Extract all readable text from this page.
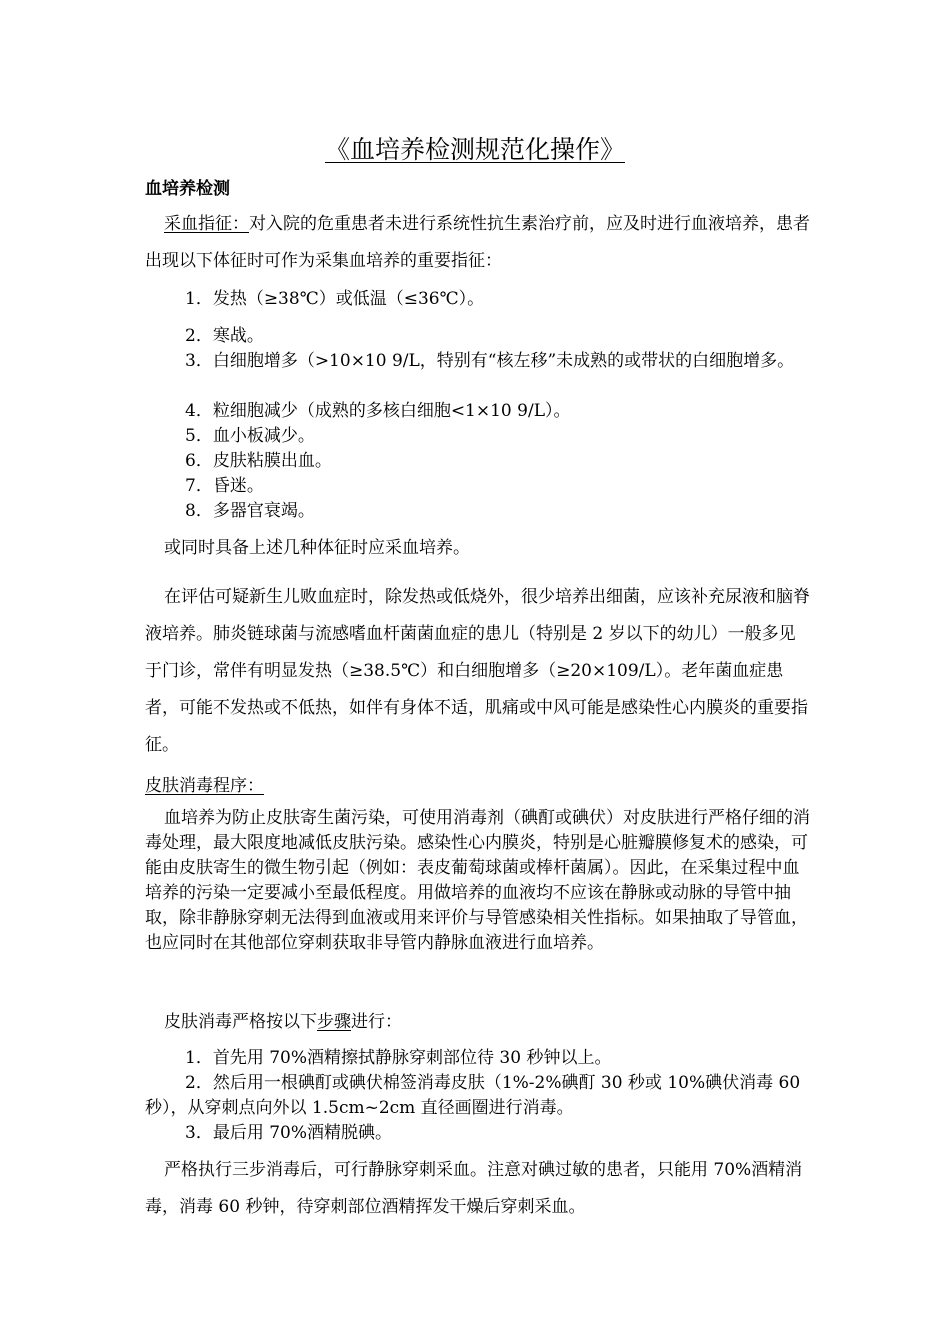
《血培养检测规范化操作》
血培养检测

采血指征：对入院的危重患者未进行系统性抗生素治疗前，应及时进行血液培养，患者出现以下体征时可作为采集血培养的重要指征：

1．发热（≥38℃）或低温（≤36℃）。

2．寒战。

3．白细胞增多（>10×10 9/L，特别有“核左移”未成熟的或带状的白细胞增多。

4．粒细胞减少（成熟的多核白细胞<1×10 9/L）。

5．血小板减少。

6．皮肤粘膜出血。

7．昏迷。

8．多器官衰竭。

或同时具备上述几种体征时应采血培养。

在评估可疑新生儿败血症时，除发热或低烧外，很少培养出细菌，应该补充尿液和脑脊液培养。肺炎链球菌与流感嗜血杆菌菌血症的患儿（特别是 2 岁以下的幼儿）一般多见于门诊，常伴有明显发热（≥38.5℃）和白细胞增多（≥20×109/L）。老年菌血症患者，可能不发热或不低热，如伴有身体不适，肌痛或中风可能是感染性心内膜炎的重要指征。

皮肤消毒程序：

血培养为防止皮肤寄生菌污染，可使用消毒剂（碘酊或碘伏）对皮肤进行严格仔细的消毒处理，最大限度地减低皮肤污染。感染性心内膜炎，特别是心脏瓣膜修复术的感染，可能由皮肤寄生的微生物引起（例如：表皮葡萄球菌或棒杆菌属）。因此，在采集过程中血培养的污染一定要减小至最低程度。用做培养的血液均不应该在静脉或动脉的导管中抽取，除非静脉穿刺无法得到血液或用来评价与导管感染相关性指标。如果抽取了导管血，也应同时在其他部位穿刺获取非导管内静脉血液进行血培养。

皮肤消毒严格按以下步骤进行：

1．首先用 70%酒精擦拭静脉穿刺部位待 30 秒钟以上。

2．然后用一根碘酊或碘伏棉签消毒皮肤（1%-2%碘酊 30 秒或 10%碘伏消毒 60 秒），从穿刺点向外以 1.5cm~2cm 直径画圈进行消毒。

3．最后用 70%酒精脱碘。

严格执行三步消毒后，可行静脉穿刺采血。注意对碘过敏的患者，只能用 70%酒精消毒，消毒 60 秒钟，待穿刺部位酒精挥发干燥后穿刺采血。
